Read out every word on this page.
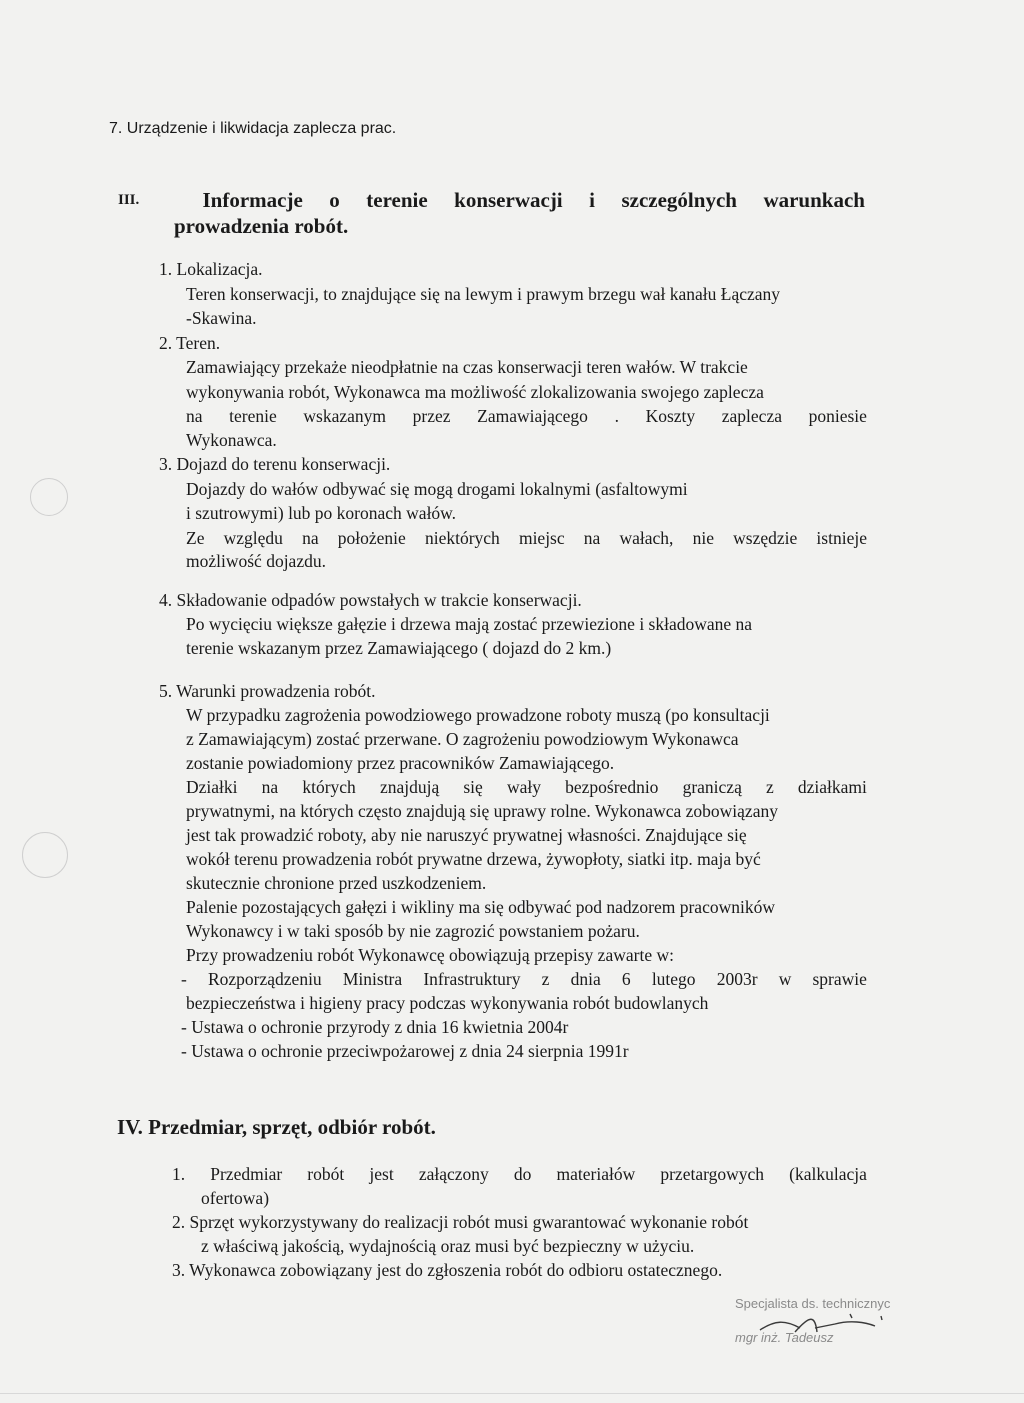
7. Urządzenie i likwidacja zaplecza prac.
III.	Informacje o terenie konserwacji i szczególnych warunkach
prowadzenia robót.
1. Lokalizacja.
Teren konserwacji, to znajdujące się na lewym i prawym brzegu wał kanału Łączany
-Skawina.
2. Teren.
Zamawiający przekaże nieodpłatnie na czas konserwacji teren wałów. W trakcie
wykonywania robót, Wykonawca ma możliwość zlokalizowania swojego zaplecza
na terenie wskazanym przez Zamawiającego . Koszty zaplecza poniesie
Wykonawca.
3. Dojazd do terenu konserwacji.
Dojazdy do wałów odbywać się mogą drogami lokalnymi (asfaltowymi
i szutrowymi) lub po koronach wałów.
Ze względu na położenie niektórych miejsc na wałach, nie wszędzie istnieje
możliwość dojazdu.
4. Składowanie odpadów powstałych w trakcie konserwacji.
Po wycięciu większe gałęzie i drzewa mają zostać przewiezione i składowane na
terenie wskazanym przez Zamawiającego ( dojazd do 2 km.)
5. Warunki prowadzenia robót.
W przypadku zagrożenia powodziowego prowadzone roboty muszą (po konsultacji
z Zamawiającym) zostać przerwane. O zagrożeniu powodziowym Wykonawca
zostanie powiadomiony przez pracowników Zamawiającego.
Działki na których znajdują się wały bezpośrednio graniczą z działkami
prywatnymi, na których często znajdują się uprawy rolne. Wykonawca zobowiązany
jest tak prowadzić roboty, aby nie naruszyć prywatnej własności. Znajdujące się
wokół terenu prowadzenia robót prywatne drzewa, żywopłoty, siatki itp. maja być
skutecznie chronione przed uszkodzeniem.
Palenie pozostających gałęzi i wikliny ma się odbywać pod nadzorem pracowników
Wykonawcy i w taki sposób by nie zagrozić powstaniem pożaru.
Przy prowadzeniu robót Wykonawcę obowiązują przepisy zawarte w:
- Rozporządzeniu Ministra Infrastruktury z dnia 6 lutego 2003r w sprawie
bezpieczeństwa i higieny pracy podczas wykonywania robót budowlanych
- Ustawa o ochronie przyrody z dnia 16 kwietnia 2004r
- Ustawa o ochronie przeciwpożarowej z dnia 24 sierpnia 1991r
IV. Przedmiar, sprzęt, odbiór robót.
1. Przedmiar robót jest załączony do materiałów przetargowych (kalkulacja
ofertowa)
2. Sprzęt wykorzystywany do realizacji robót musi gwarantować wykonanie robót
z właściwą jakością, wydajnością oraz musi być bezpieczny w użyciu.
3. Wykonawca zobowiązany jest do zgłoszenia robót do odbioru ostatecznego.
Specjalista ds. technicznyc
mgr inż. Tadeusz
